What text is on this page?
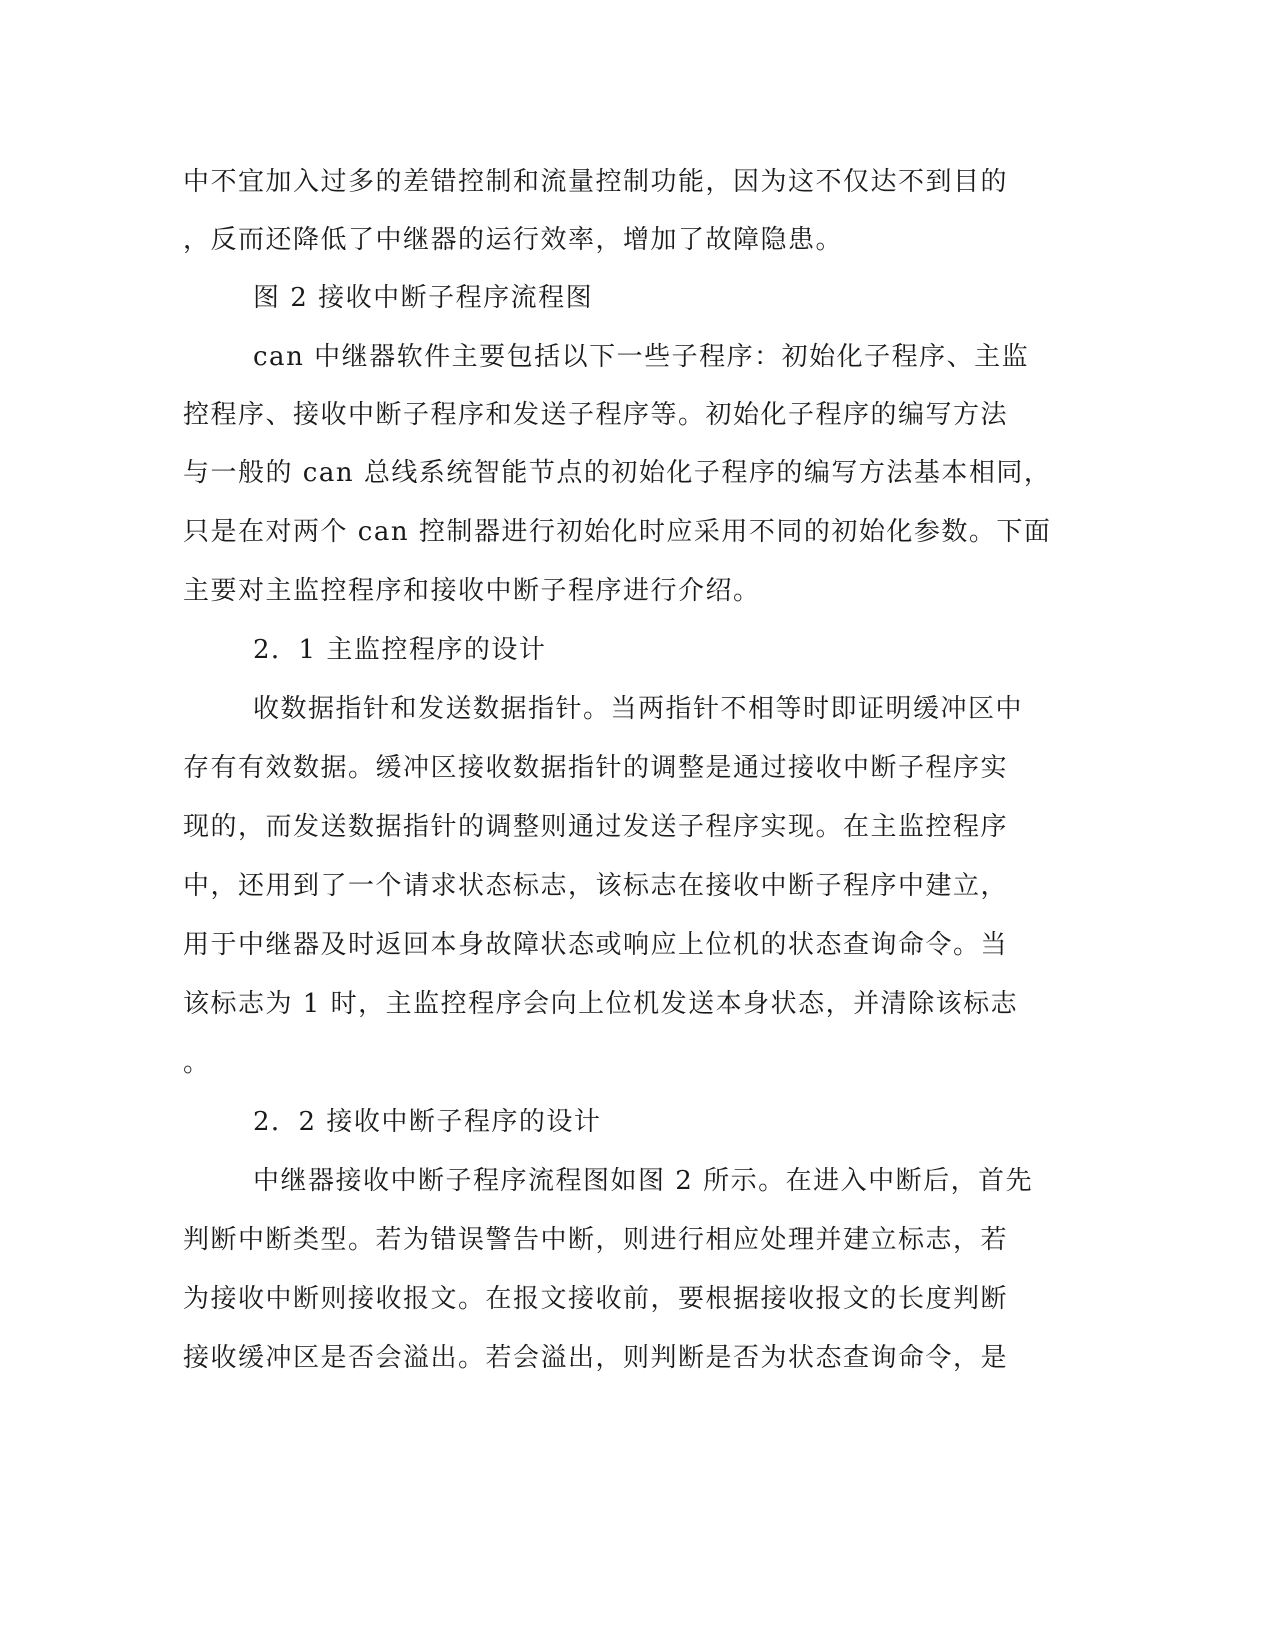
中不宜加入过多的差错控制和流量控制功能，因为这不仅达不到目的
，反而还降低了中继器的运行效率，增加了故障隐患。
图 2 接收中断子程序流程图
can 中继器软件主要包括以下一些子程序：初始化子程序、主监
控程序、接收中断子程序和发送子程序等。初始化子程序的编写方法
与一般的 can 总线系统智能节点的初始化子程序的编写方法基本相同，
只是在对两个 can 控制器进行初始化时应采用不同的初始化参数。下面
主要对主监控程序和接收中断子程序进行介绍。
2．1 主监控程序的设计
收数据指针和发送数据指针。当两指针不相等时即证明缓冲区中
存有有效数据。缓冲区接收数据指针的调整是通过接收中断子程序实
现的，而发送数据指针的调整则通过发送子程序实现。在主监控程序
中，还用到了一个请求状态标志，该标志在接收中断子程序中建立，
用于中继器及时返回本身故障状态或响应上位机的状态查询命令。当
该标志为 1 时，主监控程序会向上位机发送本身状态，并清除该标志
。
2．2 接收中断子程序的设计
中继器接收中断子程序流程图如图 2 所示。在进入中断后，首先
判断中断类型。若为错误警告中断，则进行相应处理并建立标志，若
为接收中断则接收报文。在报文接收前，要根据接收报文的长度判断
接收缓冲区是否会溢出。若会溢出，则判断是否为状态查询命令，是
